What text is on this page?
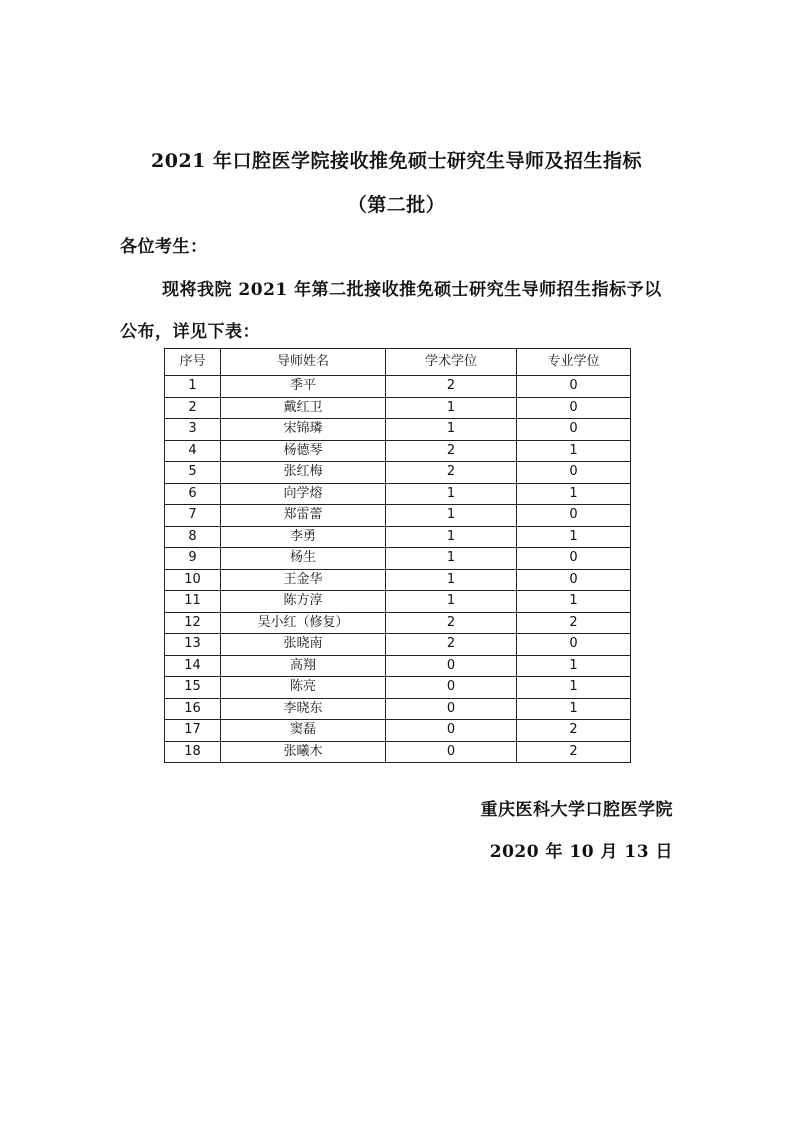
2021 年口腔医学院接收推免硕士研究生导师及招生指标
（第二批）
各位考生：
现将我院 2021 年第二批接收推免硕士研究生导师招生指标予以
公布，详见下表：
序号	导师姓名	学术学位	专业学位
1	季平	2	0
2	戴红卫	1	0
3	宋锦璘	1	0
4	杨德琴	2	1
5	张红梅	2	0
6	向学熔	1	1
7	郑雷蕾	1	0
8	李勇	1	1
9	杨生	1	0
10	王金华	1	0
11	陈方淳	1	1
12	吴小红（修复）	2	2
13	张晓南	2	0
14	高翔	0	1
15	陈亮	0	1
16	李晓东	0	1
17	窦磊	0	2
18	张曦木	0	2
重庆医科大学口腔医学院
2020 年 10 月 13 日
